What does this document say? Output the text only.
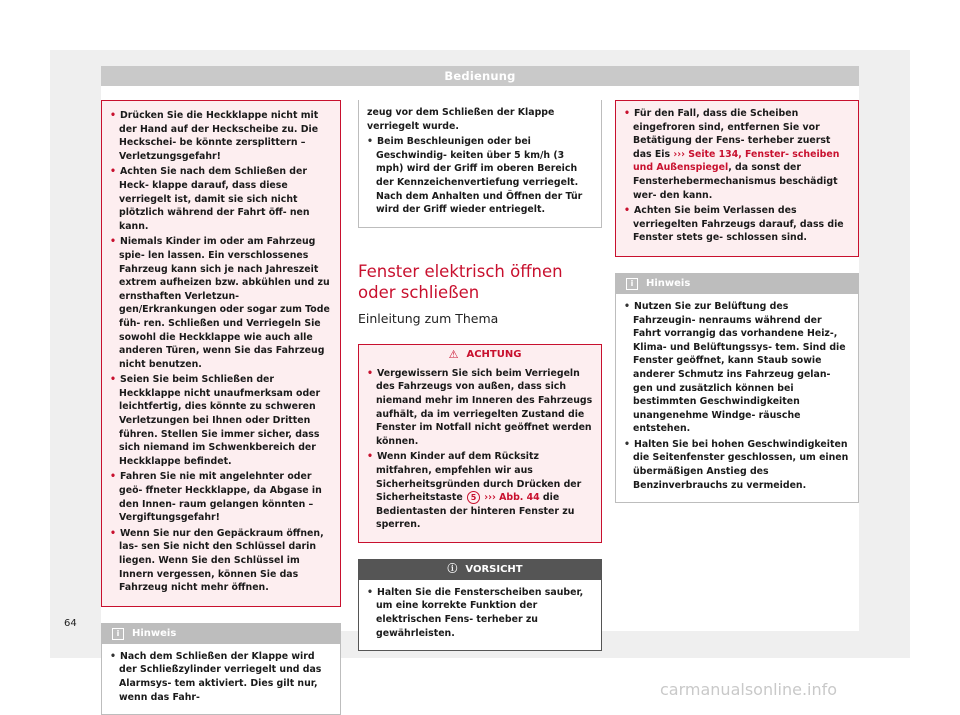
Bedienung
• Drücken Sie die Heckklappe nicht mit der Hand auf der Heckscheibe zu. Die Heckschei- be könnte zersplittern – Verletzungsgefahr!
• Achten Sie nach dem Schließen der Heck- klappe darauf, dass diese verriegelt ist, damit sie sich nicht plötzlich während der Fahrt öff- nen kann.
• Niemals Kinder im oder am Fahrzeug spie- len lassen. Ein verschlossenes Fahrzeug kann sich je nach Jahreszeit extrem aufheizen bzw. abkühlen und zu ernsthaften Verletzun- gen/Erkrankungen oder sogar zum Tode füh- ren. Schließen und Verriegeln Sie sowohl die Heckklappe wie auch alle anderen Türen, wenn Sie das Fahrzeug nicht benutzen.
• Seien Sie beim Schließen der Heckklappe nicht unaufmerksam oder leichtfertig, dies könnte zu schweren Verletzungen bei Ihnen oder Dritten führen. Stellen Sie immer sicher, dass sich niemand im Schwenkbereich der Heckklappe befindet.
• Fahren Sie nie mit angelehnter oder geö- ffneter Heckklappe, da Abgase in den Innen- raum gelangen könnten – Vergiftungsgefahr!
• Wenn Sie nur den Gepäckraum öffnen, las- sen Sie nicht den Schlüssel darin liegen. Wenn Sie den Schlüssel im Innern vergessen, können Sie das Fahrzeug nicht mehr öffnen.
i	Hinweis
• Nach dem Schließen der Klappe wird der Schließzylinder verriegelt und das Alarmsys- tem aktiviert. Dies gilt nur, wenn das Fahr-
zeug vor dem Schließen der Klappe verriegelt wurde.
• Beim Beschleunigen oder bei Geschwindig- keiten über 5 km/h (3 mph) wird der Griff im oberen Bereich der Kennzeichenvertiefung verriegelt. Nach dem Anhalten und Öffnen der Tür wird der Griff wieder entriegelt.
Fenster elektrisch öffnen oder schließen
Einleitung zum Thema
⚠ ACHTUNG
• Vergewissern Sie sich beim Verriegeln des Fahrzeugs von außen, dass sich niemand mehr im Inneren des Fahrzeugs aufhält, da im verriegelten Zustand die Fenster im Notfall nicht geöffnet werden können.
• Wenn Kinder auf dem Rücksitz mitfahren, empfehlen wir aus Sicherheitsgründen durch Drücken der Sicherheitstaste 5 ››› Abb. 44 die Bedientasten der hinteren Fenster zu sperren.
ⓘ VORSICHT
• Halten Sie die Fensterscheiben sauber, um eine korrekte Funktion der elektrischen Fens- terheber zu gewährleisten.
• Für den Fall, dass die Scheiben eingefroren sind, entfernen Sie vor Betätigung der Fens- terheber zuerst das Eis ››› Seite 134, Fenster- scheiben und Außenspiegel, da sonst der Fensterhebermechanismus beschädigt wer- den kann.
• Achten Sie beim Verlassen des verriegelten Fahrzeugs darauf, dass die Fenster stets ge- schlossen sind.
i	Hinweis
• Nutzen Sie zur Belüftung des Fahrzeugin- nenraums während der Fahrt vorrangig das vorhandene Heiz-, Klima- und Belüftungssys- tem. Sind die Fenster geöffnet, kann Staub sowie anderer Schmutz ins Fahrzeug gelan- gen und zusätzlich können bei bestimmten Geschwindigkeiten unangenehme Windge- räusche entstehen.
• Halten Sie bei hohen Geschwindigkeiten die Seitenfenster geschlossen, um einen übermäßigen Anstieg des Benzinverbrauchs zu vermeiden.
64
carmanualsonline.info
